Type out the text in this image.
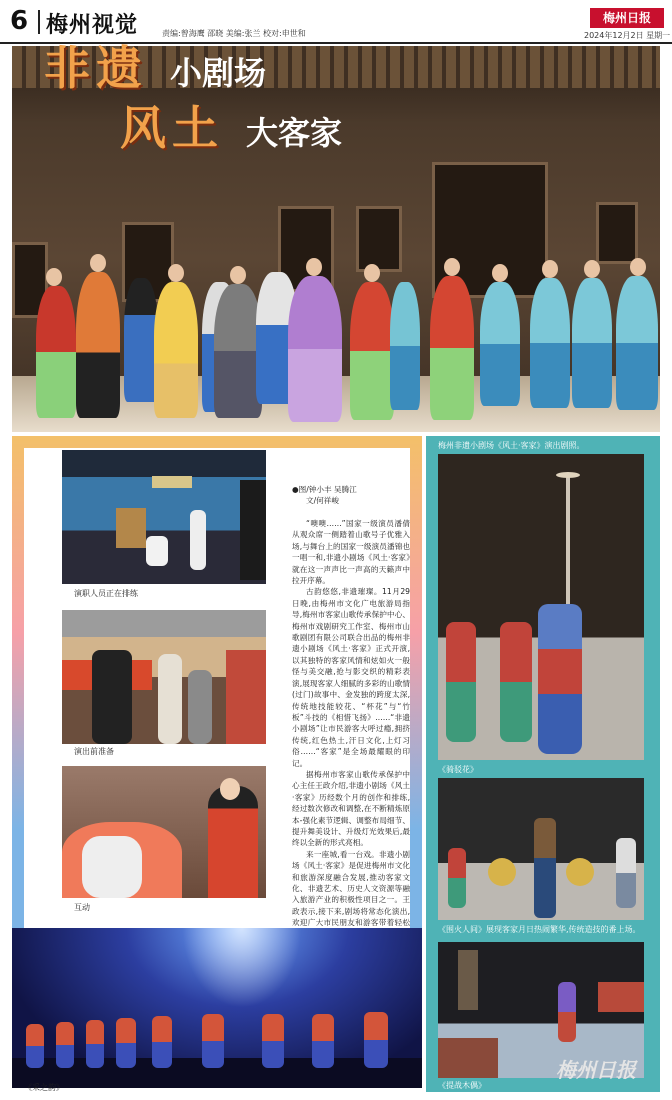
6 梅州视觉	责编:曾海鹰 邵晓 美编:张兰 校对:申世和
梅州日报
2024年12月2日 星期一
非遗 小剧场
风土 大客家
演职人员正在排练
演出前准备
互动
●图/钟小丰 吴腾江
文/何祥峻

“噢噢……”国家一级演员潘倩从观众席一侧踏着山歌号子优雅入场,与舞台上的国家一级演员潘锦也一唱一和,非遗小剧场《风土·客家》就在这一声声比一声高的天籁声中拉开序幕。

古韵悠悠,非遗璀璨。11月29日晚,由梅州市文化广电旅游局指导,梅州市客家山歌传承保护中心、梅州市戏剧研究工作室、梅州市山歌剧团有限公司联合出品的梅州非遗小剧场《风土·客家》正式开演,以其独特的客家风情和炫如火一般怪与美交融,抢与影交织的精彩表演,展现客家人细腻的多彩的山歌情(过门)故事中、金发独的跨度太深,传统地技能较花、“杯花”与“竹板”斗技的《相惜飞扬》……“非遗小剧场”让市民游客大呼过瘾,拥挤传统,红色热土,汗日文化,上灯习俗……“客家”是全场最耀眼的印记。

据梅州市客家山歌传承保护中心主任王政介绍,非遗小剧场《风土·客家》历经数个月的创作和排练,经过数次修改和调整,在不断精炼原本-强化素节逻辑、调整布局细节、提升舞美设计、升级灯光效果后,最终以全新的形式亮相。

来一座城,看一台戏。非遗小剧场《风土·客家》是促进梅州市文化和旅游深度融合发展,推动客家文化、非遗艺术、历史人文资源等融入旅游产业的积极性项目之一。王政表示,接下来,剧场将常态化演出,欢迎广大市民朋友和游客带着轻松

《采之韵》
梅州非遗小剧场《风土·客家》演出剧照。
《骑驳花》
《围火人间》展现客家月日热闹繁华,传统造技的番上场。
《提战木偶》
梅州日报
